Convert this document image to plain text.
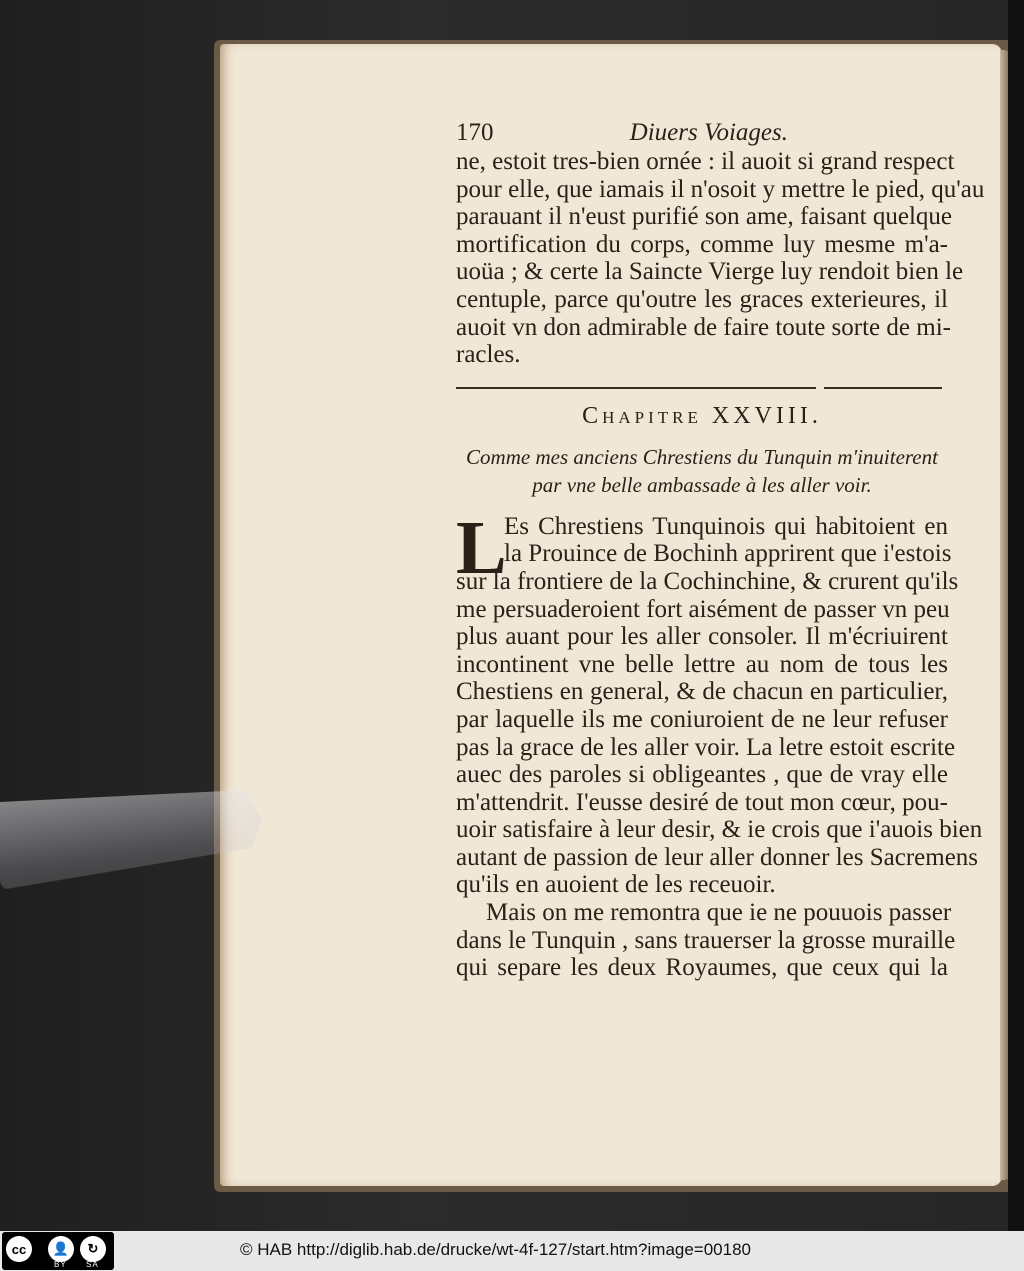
170	Diuers Voiages.
ne, estoit tres-bien ornée : il auoit si grand respect
pour elle, que iamais il n'osoit y mettre le pied, qu'au
parauant il n'eust purifié son ame, faisant quelque
mortification du corps, comme luy mesme m'a-
uoüa ; & certe la Saincte Vierge luy rendoit bien le
centuple, parce qu'outre les graces exterieures, il
auoit vn don admirable de faire toute sorte de mi-
racles.
Chapitre XXVIII.
Comme mes anciens Chrestiens du Tunquin m'inuiterent
par vne belle ambassade à les aller voir.
L
Es Chrestiens Tunquinois qui habitoient en
la Prouince de Bochinh apprirent que i'estois
sur la frontiere de la Cochinchine, & crurent qu'ils
me persuaderoient fort aisément de passer vn peu
plus auant pour les aller consoler. Il m'écriuirent
incontinent vne belle lettre au nom de tous les
Chestiens en general, & de chacun en particulier,
par laquelle ils me coniuroient de ne leur refuser
pas la grace de les aller voir. La letre estoit escrite
auec des paroles si obligeantes , que de vray elle
m'attendrit. I'eusse desiré de tout mon cœur, pou-
uoir satisfaire à leur desir, & ie crois que i'auois bien
autant de passion de leur aller donner les Sacremens
qu'ils en auoient de les receuoir.
Mais on me remontra que ie ne pouuois passer
dans le Tunquin , sans trauerser la grosse muraille
qui separe les deux Royaumes, que ceux qui la
cc	👤	↻
BY SA
© HAB http://diglib.hab.de/drucke/wt-4f-127/start.htm?image=00180
